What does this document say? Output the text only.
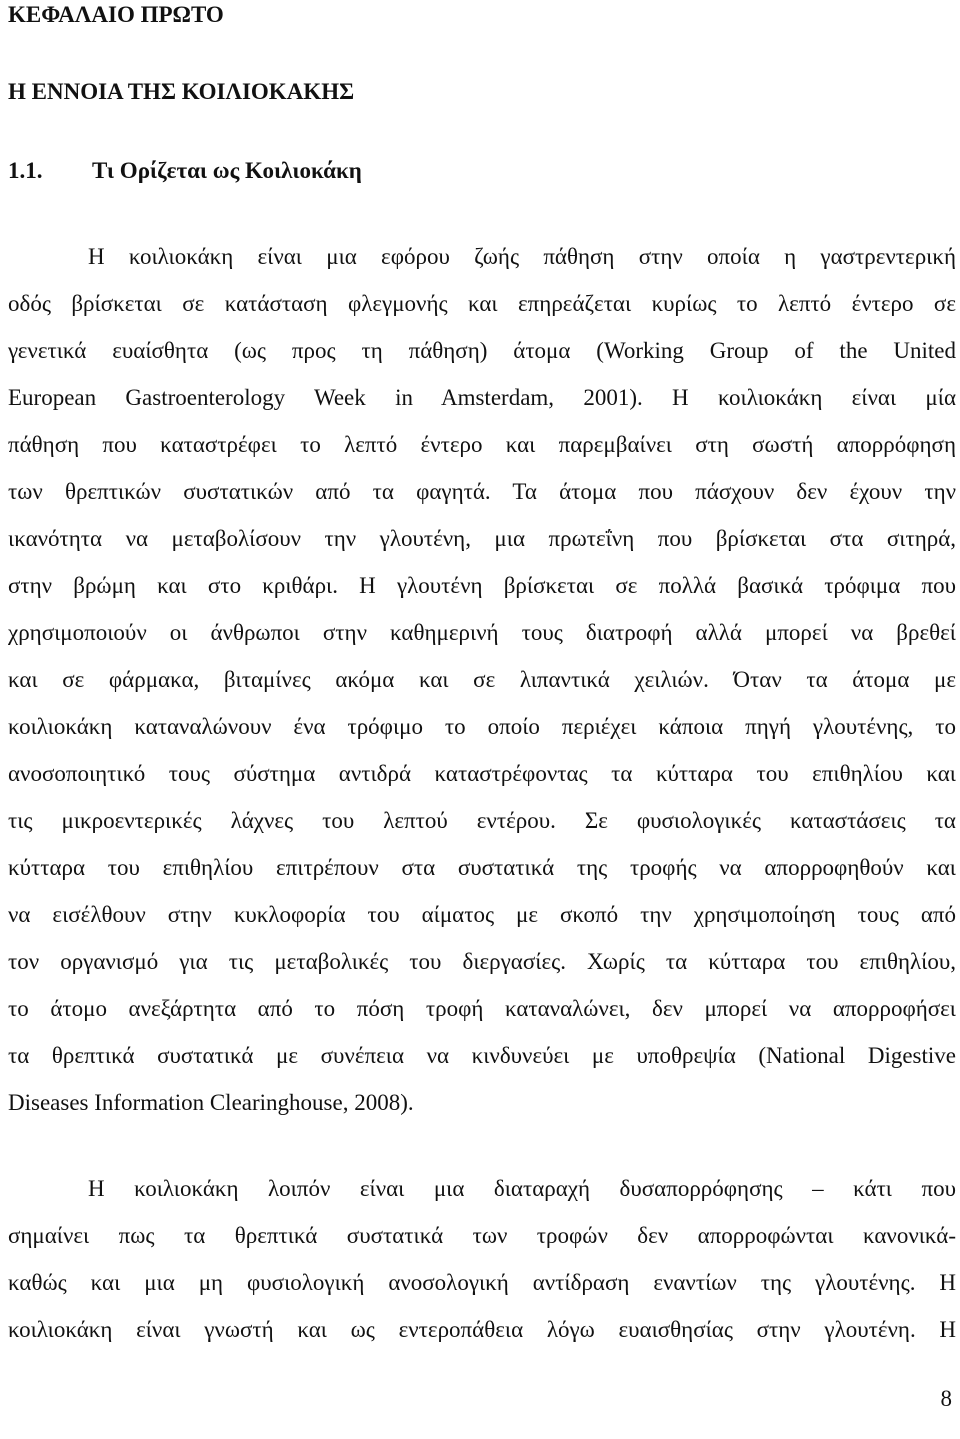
ΚΕΦΑΛΑΙΟ ΠΡΩΤΟ
Η ΕΝΝΟΙΑ ΤΗΣ ΚΟΙΛΙΟΚΑΚΗΣ
1.1. Τι Ορίζεται ως Κοιλιοκάκη

Η κοιλιοκάκη είναι μια εφόρου ζωής πάθηση στην οποία η γαστρεντερική
οδός βρίσκεται σε κατάσταση φλεγμονής και επηρεάζεται κυρίως το λεπτό έντερο σε
γενετικά ευαίσθητα (ως προς τη πάθηση) άτομα (Working Group of the United
European Gastroenterology Week in Amsterdam, 2001). Η κοιλιοκάκη είναι μία
πάθηση που καταστρέφει το λεπτό έντερο και παρεμβαίνει στη σωστή απορρόφηση
των θρεπτικών συστατικών από τα φαγητά. Τα άτομα που πάσχουν δεν έχουν την
ικανότητα να μεταβολίσουν την γλουτένη, μια πρωτεΐνη που βρίσκεται στα σιτηρά,
στην βρώμη και στο κριθάρι. Η γλουτένη βρίσκεται σε πολλά βασικά τρόφιμα που
χρησιμοποιούν οι άνθρωποι στην καθημερινή τους διατροφή αλλά μπορεί να βρεθεί
και σε φάρμακα, βιταμίνες ακόμα και σε λιπαντικά χειλιών. Όταν τα άτομα με
κοιλιοκάκη καταναλώνουν ένα τρόφιμο το οποίο περιέχει κάποια πηγή γλουτένης, το
ανοσοποιητικό τους σύστημα αντιδρά καταστρέφοντας τα κύτταρα του επιθηλίου και
τις μικροεντερικές λάχνες του λεπτού εντέρου. Σε φυσιολογικές καταστάσεις τα
κύτταρα του επιθηλίου επιτρέπουν στα συστατικά της τροφής να απορροφηθούν και
να εισέλθουν στην κυκλοφορία του αίματος με σκοπό την χρησιμοποίηση τους από
τον οργανισμό για τις μεταβολικές του διεργασίες. Χωρίς τα κύτταρα του επιθηλίου,
το άτομο ανεξάρτητα από το πόση τροφή καταναλώνει, δεν μπορεί να απορροφήσει
τα θρεπτικά συστατικά με συνέπεια να κινδυνεύει με υποθρεψία (National Digestive
Diseases Information Clearinghouse, 2008).

Η κοιλιοκάκη λοιπόν είναι μια διαταραχή δυσαπορρόφησης – κάτι που
σημαίνει πως τα θρεπτικά συστατικά των τροφών δεν απορροφώνται κανονικά-
καθώς και μια μη φυσιολογική ανοσολογική αντίδραση εναντίων της γλουτένης. Η
κοιλιοκάκη είναι γνωστή και ως εντεροπάθεια λόγω ευαισθησίας στην γλουτένη. Η

8
